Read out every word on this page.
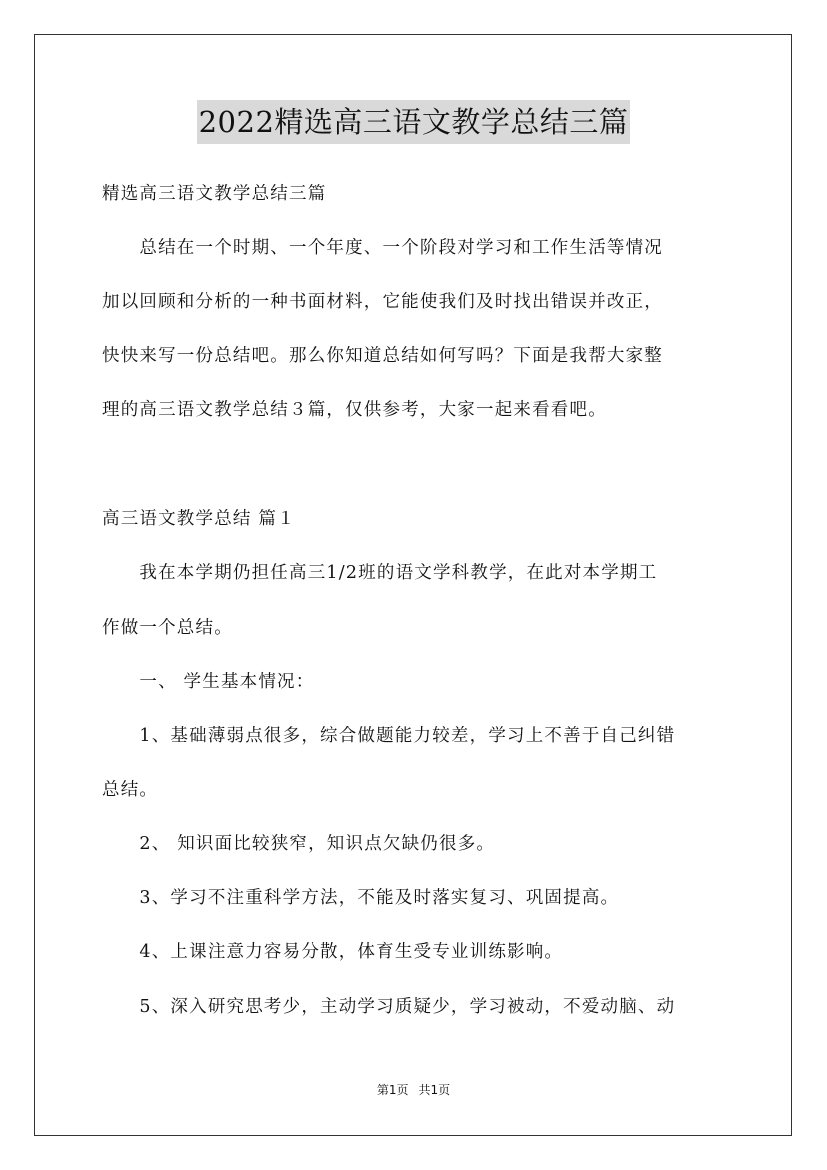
2022精选高三语文教学总结三篇
精选高三语文教学总结三篇
　　总结在一个时期、一个年度、一个阶段对学习和工作生活等情况
加以回顾和分析的一种书面材料，它能使我们及时找出错误并改正，
快快来写一份总结吧。那么你知道总结如何写吗？下面是我帮大家整
理的高三语文教学总结３篇，仅供参考，大家一起来看看吧。
高三语文教学总结 篇１
　　我在本学期仍担任高三1/2班的语文学科教学，在此对本学期工
作做一个总结。
　　一、 学生基本情况：
　　1、基础薄弱点很多，综合做题能力较差，学习上不善于自己纠错
总结。
　　2、 知识面比较狭窄，知识点欠缺仍很多。
　　3、学习不注重科学方法，不能及时落实复习、巩固提高。
　　4、上课注意力容易分散，体育生受专业训练影响。
　　5、深入研究思考少，主动学习质疑少，学习被动，不爱动脑、动
第1页 共1页
